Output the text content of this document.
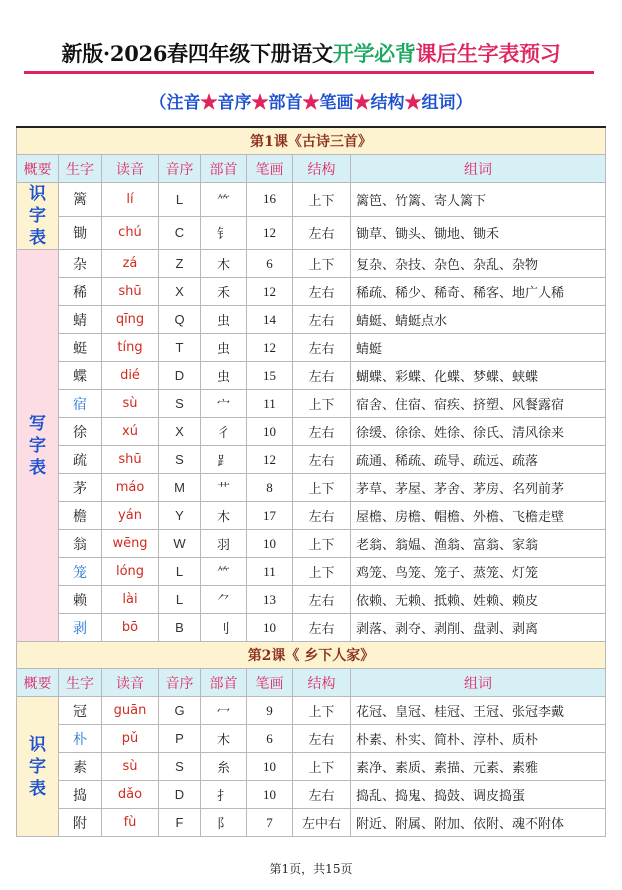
新版·2026春四年级下册语文开学必背课后生字表预习
（注音★音序★部首★笔画★结构★组词）
第1课《古诗三首》							
概要	生字	读音	音序	部首	笔画	结构	组词

识字表	篱	lí	L	⺮	16	上下	篱笆、竹篱、寄人篱下
	锄	chú	C	钅	12	左右	锄草、锄头、锄地、锄禾

写字表	杂	zá	Z	木	6	上下	复杂、杂技、杂色、杂乱、杂物
	稀	shū	X	禾	12	左右	稀疏、稀少、稀奇、稀客、地广人稀
	蜻	qīng	Q	虫	14	左右	蜻蜓、蜻蜓点水
	蜓	tíng	T	虫	12	左右	蜻蜓
	蝶	dié	D	虫	15	左右	蝴蝶、彩蝶、化蝶、梦蝶、蛱蝶
	宿	sù	S	宀	11	上下	宿舍、住宿、宿疾、挤塑、风餐露宿
	徐	xú	X	彳	10	左右	徐缓、徐徐、姓徐、徐氏、清风徐来
	疏	shū	S	⻊	12	左右	疏通、稀疏、疏导、疏远、疏落
	茅	máo	M	艹	8	上下	茅草、茅屋、茅舍、茅房、名列前茅
	檐	yán	Y	木	17	左右	屋檐、房檐、帽檐、外檐、飞檐走壁
	翁	wēng	W	羽	10	上下	老翁、翁媪、渔翁、富翁、家翁
	笼	lóng	L	⺮	11	上下	鸡笼、鸟笼、笼子、蒸笼、灯笼
	赖	lài	L	⺈	13	左右	依赖、无赖、抵赖、姓赖、赖皮
	剥	bō	B	刂	10	左右	剥落、剥夺、剥削、盘剥、剥离
第2课《 乡下人家》							
概要	生字	读音	音序	部首	笔画	结构	组词

识字表	冠	guān	G	冖	9	上下	花冠、皇冠、桂冠、王冠、张冠李戴
	朴	pǔ	P	木	6	左右	朴素、朴实、简朴、淳朴、质朴
	素	sù	S	糸	10	上下	素净、素质、素描、元素、素雅
	捣	dǎo	D	扌	10	左右	捣乱、捣鬼、捣鼓、调皮捣蛋
	附	fù	F	阝	7	左中右	附近、附属、附加、依附、魂不附体
第1页，共15页
